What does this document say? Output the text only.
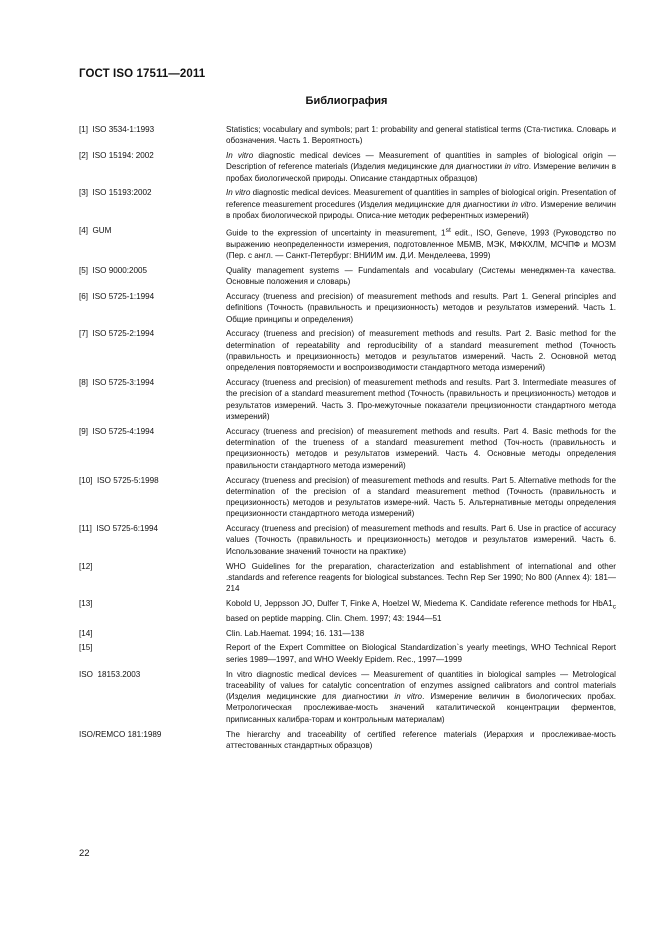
ГОСТ ISO 17511—2011
Библиография
[1]  ISO 3534-1:1993	Statistics; vocabulary and symbols; part 1: probability and general statistical terms (Ста-тистика. Словарь и обозначения. Часть 1. Вероятность)
[2]  ISO 15194: 2002	In vitro diagnostic medical devices — Measurement of quantities in samples of biological origin — Description of reference materials (Изделия медицинские для диагностики in vitro. Измерение величин в пробах биологической природы. Описание стандартных образцов)
[3]  ISO 15193:2002	In vitro diagnostic medical devices. Measurement of quantities in samples of biological origin. Presentation of reference measurement procedures (Изделия медицинские для диагностики in vitro. Измерение величин в пробах биологической природы. Описа-ние методик референтных измерений)
[4]  GUM	Guide to the expression of uncertainty in measurement, 1st edit., ISO, Geneve, 1993 (Руководство по выражению неопределенности измерения, подготовленное МБМВ, МЭК, МФКХЛМ, МСЧПФ и МОЗМ (Пер. с англ. — Санкт-Петербург: ВНИИМ им. Д.И. Менделеева, 1999)
[5]  ISO 9000:2005	Quality management systems — Fundamentals and vocabulary (Системы менеджмен-та качества. Основные положения и словарь)
[6]  ISO 5725-1:1994	Accuracy (trueness and precision) of measurement methods and results. Part 1. General principles and definitions (Точность (правильность и прецизионность) методов и результатов измерений. Часть 1. Общие принципы и определения)
[7]  ISO 5725-2:1994	Accuracy (trueness and precision) of measurement methods and results. Part 2. Basic method for the determination of repeatability and reproducibility of a standard measurement method (Точность (правильность и прецизионность) методов и результатов измерений. Часть 2. Основной метод определения повторяемости и воспроизводимости стандартного метода измерений)
[8]  ISO 5725-3:1994	Accuracy (trueness and precision) of measurement methods and results. Part 3. Intermediate measures of the precision of a standard measurement method (Точность (правильность и прецизионность) методов и результатов измерений. Часть 3. Про-межуточные показатели прецизионности стандартного метода измерений)
[9]  ISO 5725-4:1994	Accuracy (trueness and precision) of measurement methods and results. Part 4. Basic methods for the determination of the trueness of a standard measurement method (Точ-ность (правильность и прецизионность) методов и результатов измерений. Часть 4. Основные методы определения правильности стандартного метода измерений)
[10]  ISO 5725-5:1998	Accuracy (trueness and precision) of measurement methods and results. Part 5. Alternative methods for the determination of the precision of a standard measurement method (Точность (правильность и прецизионность) методов и результатов измере-ний. Часть 5. Альтернативные методы определения прецизионности стандартного метода измерений)
[11]  ISO 5725-6:1994	Accuracy (trueness and precision) of measurement methods and results. Part 6. Use in practice of accuracy values (Точность (правильность и прецизионность) методов и результатов измерений. Часть 6. Использование значений точности на практике)
[12]	WHO Guidelines for the preparation, characterization and establishment of international and other .standards and reference reagents for biological substances. Techn Rep Ser 1990; No 800 (Annex 4): 181—214
[13]	Kobold U, Jeppsson JO, Dulfer T, Finke A, Hoelzel W, Miedema K. Candidate reference methods for $HbA1_c$ based on peptide mapping. Clin. Chem. 1997; 43: 1944—51
[14]	Clin. Lab.Haemat. 1994; 16. 131—138
[15]	Report of the Expert Committee on Biological Standardization`s yearly meetings, WHO Technical Report series 1989—1997, and WHO Weekly Epidem. Rec., 1997—1999
ISO  18153.2003	In vitro diagnostic medical devices — Measurement of quantities in biological samples — Metrological traceability of values for catalytic concentration of enzymes assigned calibrators and control materials (Изделия медицинские для диагностики in vitro. Измерение величин в биологических пробах. Метрологическая прослеживае-мость значений каталитической концентрации ферментов, приписанных калибра-торам и контрольным материалам)
ISO/REMCO 181:1989	The hierarchy and traceability of certified reference materials (Иерархия и прослеживае-мость аттестованных стандартных образцов)
22
